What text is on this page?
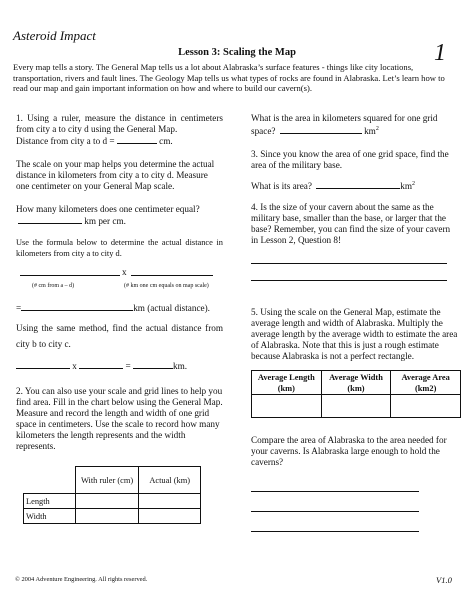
Asteroid Impact
1
Lesson 3: Scaling the Map
Every map tells a story. The General Map tells us a lot about Alabraska’s surface features - things like city locations, transportation, rivers and fault lines. The Geology Map tells us what types of rocks are found in Alabraska. Let’s learn how to read our map and gain important information on how and where to build our cavern(s).
1. Using a ruler, measure the distance in centimeters from city a to city d using the General Map.
Distance from city a to d =	cm.
The scale on your map helps you determine the actual distance in kilometers from city a to city d. Measure one centimeter on your General Map scale.
How many kilometers does one centimeter equal? km per cm.
Use the formula below to determine the actual distance in kilometers from city a to city d.
x
(# cm from a – d)	(# km one cm equals on map scale)
=	km (actual distance).
Using the same method, find the actual distance from city b to city c.
x	=	km.
2. You can also use your scale and grid lines to help you find area. Fill in the chart below using the General Map. Measure and record the length and width of one grid space in centimeters. Use the scale to record how many kilometers the length represents and the width represents.
	With ruler (cm)	Actual (km)
Length		
Width		
What is the area in kilometers squared for one grid space?	$km^2$
3. Since you know the area of one grid space, find the area of the military base.
What is its area?	$km^2$
4. Is the size of your cavern about the same as the military base, smaller than the base, or larger that the base? Remember, you can find the size of your cavern in Lesson 2, Question 8!
5. Using the scale on the General Map, estimate the average length and width of Alabraska. Multiply the average length by the average width to estimate the area of Alabraska. Note that this is just a rough estimate because Alabraska is not a perfect rectangle.
Average Length (km)	Average Width (km)	Average Area (km2)

Compare the area of Alabraska to the area needed for your caverns. Is Alabraska large enough to hold the caverns?
© 2004 Adventure Engineering. All rights reserved.	V1.0
